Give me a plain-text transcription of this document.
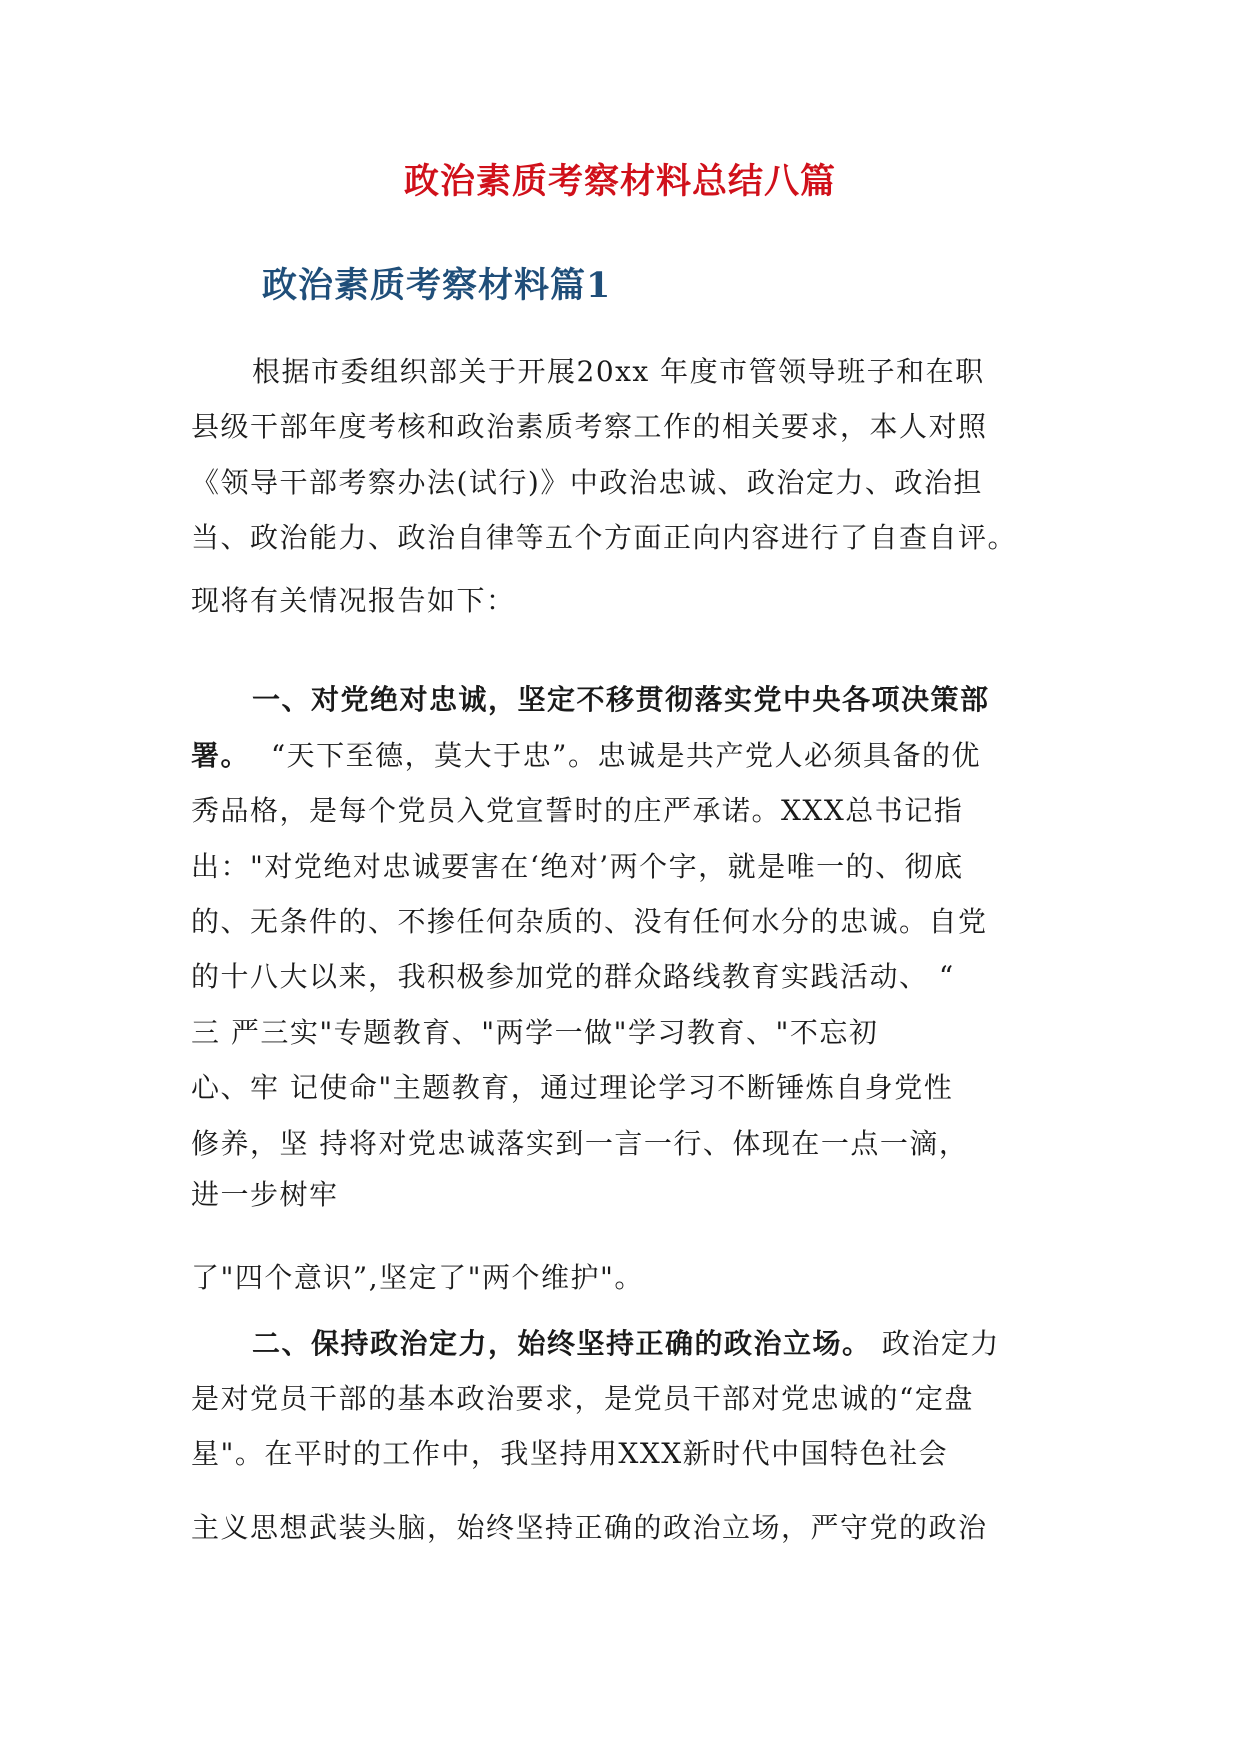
政治素质考察材料总结八篇
政治素质考察材料篇1
根据市委组织部关于开展20xx 年度市管领导班子和在职
县级干部年度考核和政治素质考察工作的相关要求，本人对照
《领导干部考察办法(试行)》中政治忠诚、政治定力、政治担
当、政治能力、政治自律等五个方面正向内容进行了自查自评。
现将有关情况报告如下：
一、对党绝对忠诚，坚定不移贯彻落实党中央各项决策部
署。  “天下至德，莫大于忠”。忠诚是共产党人必须具备的优
秀品格，是每个党员入党宣誓时的庄严承诺。XXX总书记指
出："对党绝对忠诚要害在‘绝对’两个字，就是唯一的、彻底
的、无条件的、不掺任何杂质的、没有任何水分的忠诚。自党
的十八大以来，我积极参加党的群众路线教育实践活动、 “
三 严三实"专题教育、"两学一做"学习教育、"不忘初
心、牢 记使命"主题教育，通过理论学习不断锤炼自身党性
修养，坚 持将对党忠诚落实到一言一行、体现在一点一滴，
进一步树牢
了"四个意识”,坚定了"两个维护"。
二、保持政治定力，始终坚持正确的政治立场。 政治定力
是对党员干部的基本政治要求，是党员干部对党忠诚的“定盘
星"。在平时的工作中，我坚持用XXX新时代中国特色社会
主义思想武装头脑，始终坚持正确的政治立场，严守党的政治
